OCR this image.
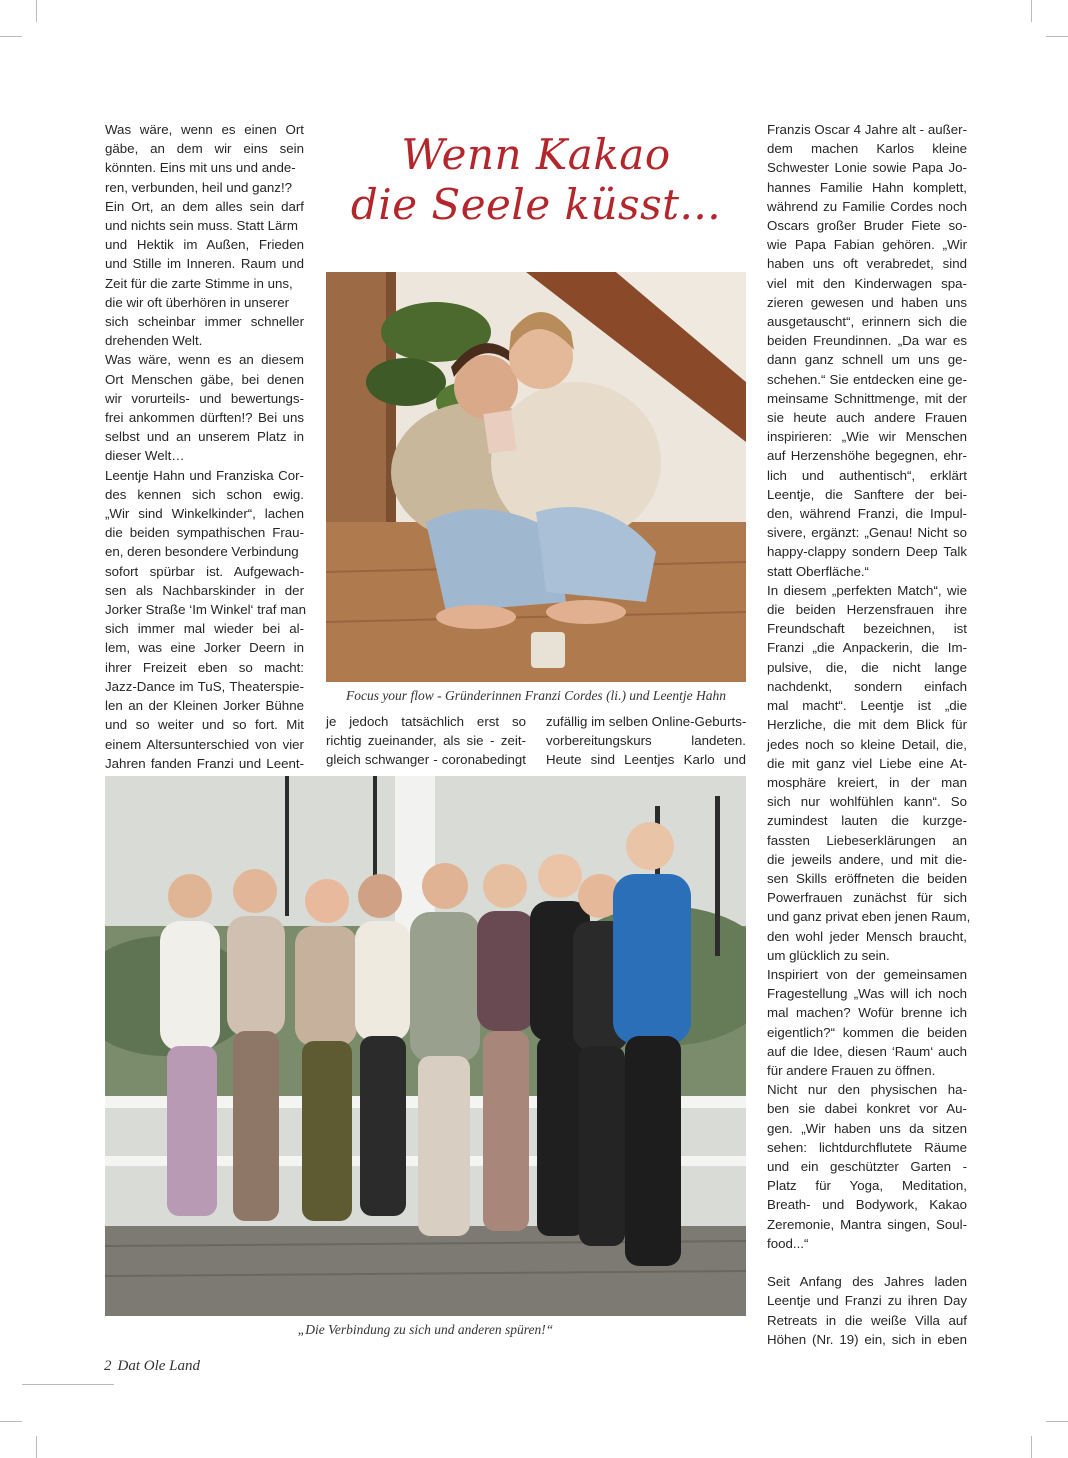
Was wäre, wenn es einen Ort

gäbe, an dem wir eins sein

könnten. Eins mit uns und ande-

ren, verbunden, heil und ganz!?

Ein Ort, an dem alles sein darf

und nichts sein muss. Statt Lärm

und Hektik im Außen, Frieden

und Stille im Inneren. Raum und

Zeit für die zarte Stimme in uns,

die wir oft überhören in unserer

sich scheinbar immer schneller

drehenden Welt.

Was wäre, wenn es an diesem

Ort Menschen gäbe, bei denen

wir vorurteils- und bewertungs-

frei ankommen dürften!? Bei uns

selbst und an unserem Platz in

dieser Welt…

Leentje Hahn und Franziska Cor-

des kennen sich schon ewig.

„Wir sind Winkelkinder“, lachen

die beiden sympathischen Frau-

en, deren besondere Verbindung

sofort spürbar ist. Aufgewach-

sen als Nachbarskinder in der

Jorker Straße ‘Im Winkel‘ traf man

sich immer mal wieder bei al-

lem, was eine Jorker Deern in

ihrer Freizeit eben so macht:

Jazz-Dance im TuS, Theaterspie-

len an der Kleinen Jorker Bühne

und so weiter und so fort. Mit

einem Altersunterschied von vier

Jahren fanden Franzi und Leent-

Wenn Kakao
die Seele küsst...
Focus your flow - Gründerinnen Franzi Cordes (li.) und Leentje Hahn

je jedoch tatsächlich erst so

richtig zueinander, als sie - zeit-

gleich schwanger - coronabedingt

zufällig im selben Online-Geburts-

vorbereitungskurs landeten.

Heute sind Leentjes Karlo und

Franzis Oscar 4 Jahre alt - außer-

dem machen Karlos kleine

Schwester Lonie sowie Papa Jo-

hannes Familie Hahn komplett,

während zu Familie Cordes noch

Oscars großer Bruder Fiete so-

wie Papa Fabian gehören. „Wir

haben uns oft verabredet, sind

viel mit den Kinderwagen spa-

zieren gewesen und haben uns

ausgetauscht“, erinnern sich die

beiden Freundinnen. „Da war es

dann ganz schnell um uns ge-

schehen.“ Sie entdecken eine ge-

meinsame Schnittmenge, mit der

sie heute auch andere Frauen

inspirieren: „Wie wir Menschen

auf Herzenshöhe begegnen, ehr-

lich und authentisch“, erklärt

Leentje, die Sanftere der bei-

den, während Franzi, die Impul-

sivere, ergänzt: „Genau! Nicht so

happy-clappy sondern Deep Talk

statt Oberfläche.“

In diesem „perfekten Match“, wie

die beiden Herzensfrauen ihre

Freundschaft bezeichnen, ist

Franzi „die Anpackerin, die Im-

pulsive, die, die nicht lange

nachdenkt, sondern einfach

mal macht“. Leentje ist „die

Herzliche, die mit dem Blick für

jedes noch so kleine Detail, die,

die mit ganz viel Liebe eine At-

mosphäre kreiert, in der man

sich nur wohlfühlen kann“. So

zumindest lauten die kurzge-

fassten Liebeserklärungen an

die jeweils andere, und mit die-

sen Skills eröffneten die beiden

Powerfrauen zunächst für sich

und ganz privat eben jenen Raum,

den wohl jeder Mensch braucht,

um glücklich zu sein.

Inspiriert von der gemeinsamen

Fragestellung „Was will ich noch

mal machen? Wofür brenne ich

eigentlich?“ kommen die beiden

auf die Idee, diesen ‘Raum‘ auch

für andere Frauen zu öffnen.

Nicht nur den physischen ha-

ben sie dabei konkret vor Au-

gen. „Wir haben uns da sitzen

sehen: lichtdurchflutete Räume

und ein geschützter Garten -

Platz für Yoga, Meditation,

Breath- und Bodywork, Kakao

Zeremonie, Mantra singen, Soul-

food...“

Seit Anfang des Jahres laden

Leentje und Franzi zu ihren Day

Retreats in die weiße Villa auf

Höhen (Nr. 19) ein, sich in eben

„Die Verbindung zu sich und anderen spüren!“
2 Dat Ole Land
